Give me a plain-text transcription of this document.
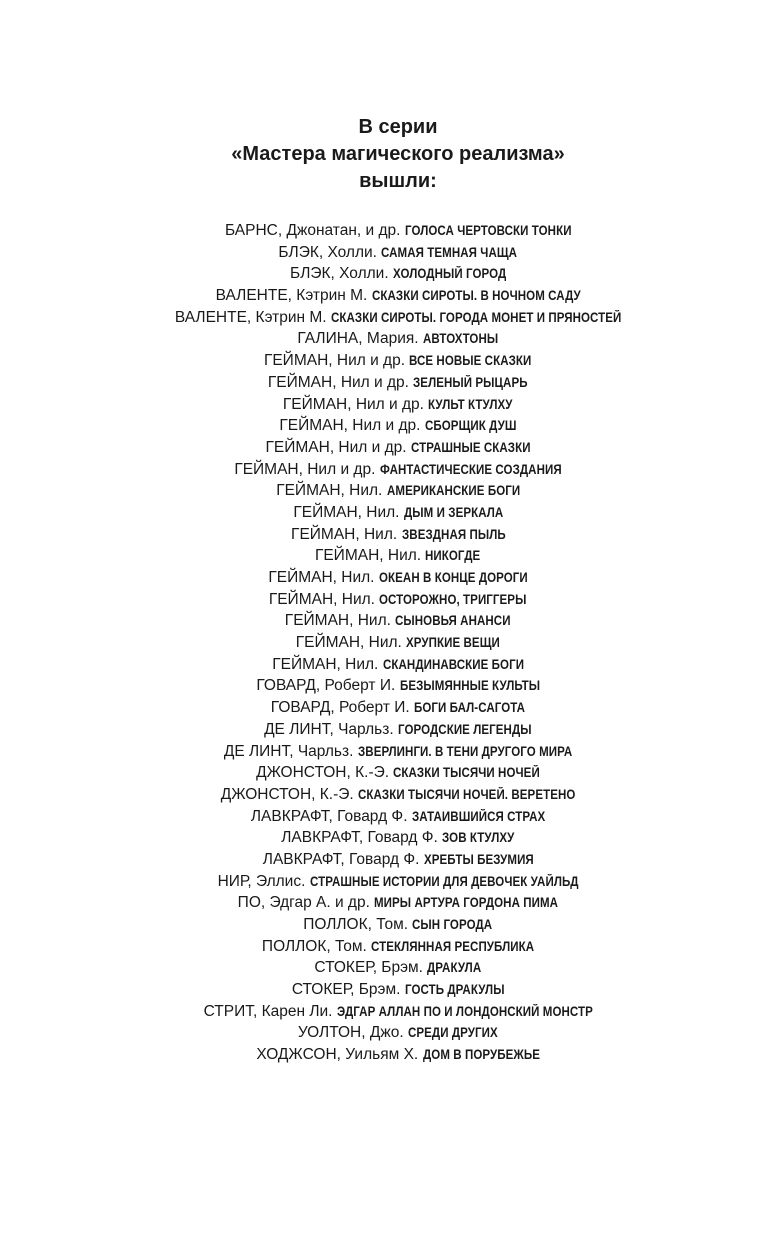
В серии
«Мастера магического реализма»
вышли:
БАРНС, Джонатан, и др. ГОЛОСА ЧЕРТОВСКИ ТОНКИ
БЛЭК, Холли. САМАЯ ТЕМНАЯ ЧАЩА
БЛЭК, Холли. ХОЛОДНЫЙ ГОРОД
ВАЛЕНТЕ, Кэтрин М. СКАЗКИ СИРОТЫ. В НОЧНОМ САДУ
ВАЛЕНТЕ, Кэтрин М. СКАЗКИ СИРОТЫ. ГОРОДА МОНЕТ И ПРЯНОСТЕЙ
ГАЛИНА, Мария. АВТОХТОНЫ
ГЕЙМАН, Нил и др. ВСЕ НОВЫЕ СКАЗКИ
ГЕЙМАН, Нил и др. ЗЕЛЕНЫЙ РЫЦАРЬ
ГЕЙМАН, Нил и др. КУЛЬТ КТУЛХУ
ГЕЙМАН, Нил и др. СБОРЩИК ДУШ
ГЕЙМАН, Нил и др. СТРАШНЫЕ СКАЗКИ
ГЕЙМАН, Нил и др. ФАНТАСТИЧЕСКИЕ СОЗДАНИЯ
ГЕЙМАН, Нил. АМЕРИКАНСКИЕ БОГИ
ГЕЙМАН, Нил. ДЫМ И ЗЕРКАЛА
ГЕЙМАН, Нил. ЗВЕЗДНАЯ ПЫЛЬ
ГЕЙМАН, Нил. НИКОГДЕ
ГЕЙМАН, Нил. ОКЕАН В КОНЦЕ ДОРОГИ
ГЕЙМАН, Нил. ОСТОРОЖНО, ТРИГГЕРЫ
ГЕЙМАН, Нил. СЫНОВЬЯ АНАНСИ
ГЕЙМАН, Нил. ХРУПКИЕ ВЕЩИ
ГЕЙМАН, Нил. СКАНДИНАВСКИЕ БОГИ
ГОВАРД, Роберт И. БЕЗЫМЯННЫЕ КУЛЬТЫ
ГОВАРД, Роберт И. БОГИ БАЛ-САГОТА
ДЕ ЛИНТ, Чарльз. ГОРОДСКИЕ ЛЕГЕНДЫ
ДЕ ЛИНТ, Чарльз. ЗВЕРЛИНГИ. В ТЕНИ ДРУГОГО МИРА
ДЖОНСТОН, К.-Э. СКАЗКИ ТЫСЯЧИ НОЧЕЙ
ДЖОНСТОН, К.-Э. СКАЗКИ ТЫСЯЧИ НОЧЕЙ. ВЕРЕТЕНО
ЛАВКРАФТ, Говард Ф. ЗАТАИВШИЙСЯ СТРАХ
ЛАВКРАФТ, Говард Ф. ЗОВ КТУЛХУ
ЛАВКРАФТ, Говард Ф. ХРЕБТЫ БЕЗУМИЯ
НИР, Эллис. СТРАШНЫЕ ИСТОРИИ ДЛЯ ДЕВОЧЕК УАЙЛЬД
ПО, Эдгар А. и др. МИРЫ АРТУРА ГОРДОНА ПИМА
ПОЛЛОК, Том. СЫН ГОРОДА
ПОЛЛОК, Том. СТЕКЛЯННАЯ РЕСПУБЛИКА
СТОКЕР, Брэм. ДРАКУЛА
СТОКЕР, Брэм. ГОСТЬ ДРАКУЛЫ
СТРИТ, Карен Ли. ЭДГАР АЛЛАН ПО И ЛОНДОНСКИЙ МОНСТР
УОЛТОН, Джо. СРЕДИ ДРУГИХ
ХОДЖСОН, Уильям Х. ДОМ В ПОРУБЕЖЬЕ
